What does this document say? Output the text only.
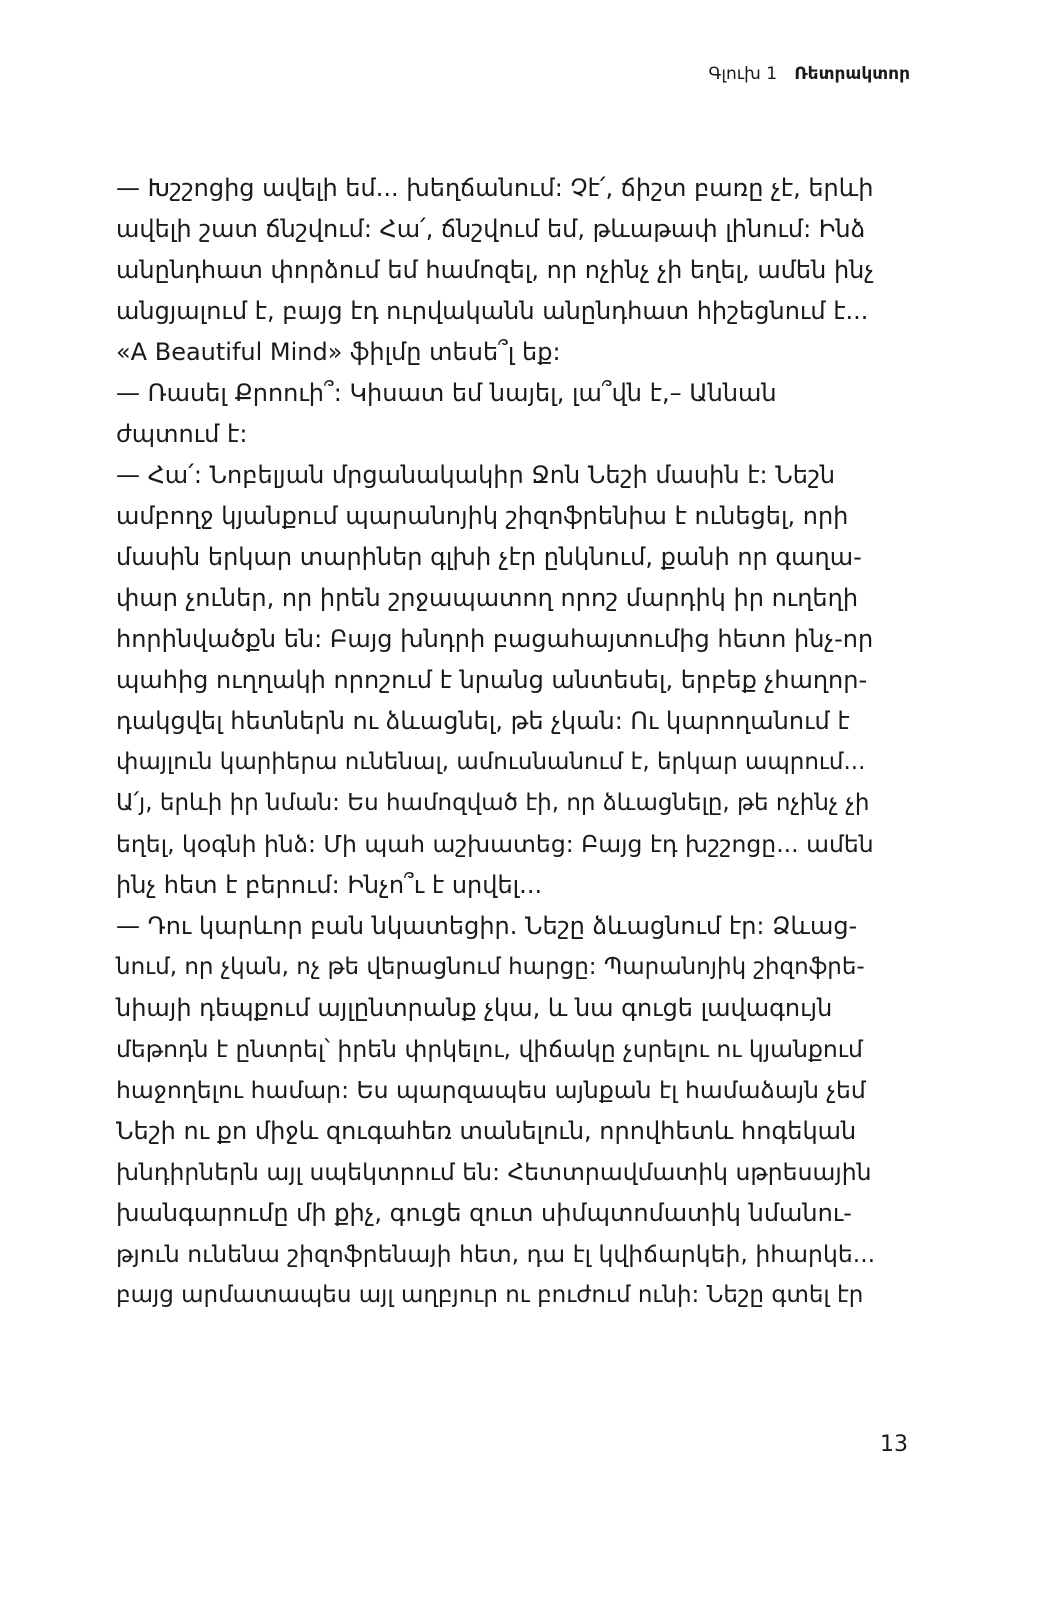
Գլուխ 1 Ռետրակտոր
— Խշշոցից ավելի եմ... խեղճանում: Չէ՛, ճիշտ բառը չէ, երևի
ավելի շատ ճնշվում: Հա՛, ճնշվում եմ, թևաթափ լինում: Ինձ
անընդհատ փորձում եմ համոզել, որ ոչինչ չի եղել, ամեն ինչ
անցյալում է, բայց էդ ուրվականն անընդհատ հիշեցնում է...
«A Beautiful Mind» ֆիլմը տեսե՞լ եք:
— Ռասել Քրոուի՞: Կիսատ եմ նայել, լա՞վն է,– Աննան
ժպտում է:
— Հա՛: Նոբելյան մրցանակակիր Ջոն Նեշի մասին է: Նեշն
ամբողջ կյանքում պարանոյիկ շիզոֆրենիա է ունեցել, որի
մասին երկար տարիներ գլխի չէր ընկնում, քանի որ գաղա-
փար չուներ, որ իրեն շրջապատող որոշ մարդիկ իր ուղեղի
հորինվածքն են: Բայց խնդրի բացահայտումից հետո ինչ-որ
պահից ուղղակի որոշում է նրանց անտեսել, երբեք չհաղոր-
դակցվել հետներն ու ձևացնել, թե չկան: Ու կարողանում է
փայլուն կարիերա ունենալ, ամուսնանում է, երկար ապրում...
Ա՛յ, երևի իր նման: Ես համոզված էի, որ ձևացնելը, թե ոչինչ չի
եղել, կօգնի ինձ: Մի պահ աշխատեց: Բայց էդ խշշոցը... ամեն
ինչ հետ է բերում: Ինչո՞ւ է սրվել...
— Դու կարևոր բան նկատեցիր. Նեշը ձևացնում էր: Ձևաց-
նում, որ չկան, ոչ թե վերացնում հարցը: Պարանոյիկ շիզոֆրե-
նիայի դեպքում այլընտրանք չկա, և նա գուցե լավագույն
մեթոդն է ընտրել՝ իրեն փրկելու, վիճակը չսրելու ու կյանքում
հաջողելու համար: Ես պարզապես այնքան էլ համաձայն չեմ
Նեշի ու քո միջև զուգահեռ տանելուն, որովհետև հոգեկան
խնդիրներն այլ սպեկտրում են: Հետտրավմատիկ սթրեսային
խանգարումը մի քիչ, գուցե զուտ սիմպտոմատիկ նմանու-
թյուն ունենա շիզոֆրենայի հետ, դա էլ կվիճարկեի, իհարկե...
բայց արմատապես այլ աղբյուր ու բուժում ունի: Նեշը գտել էր
13
